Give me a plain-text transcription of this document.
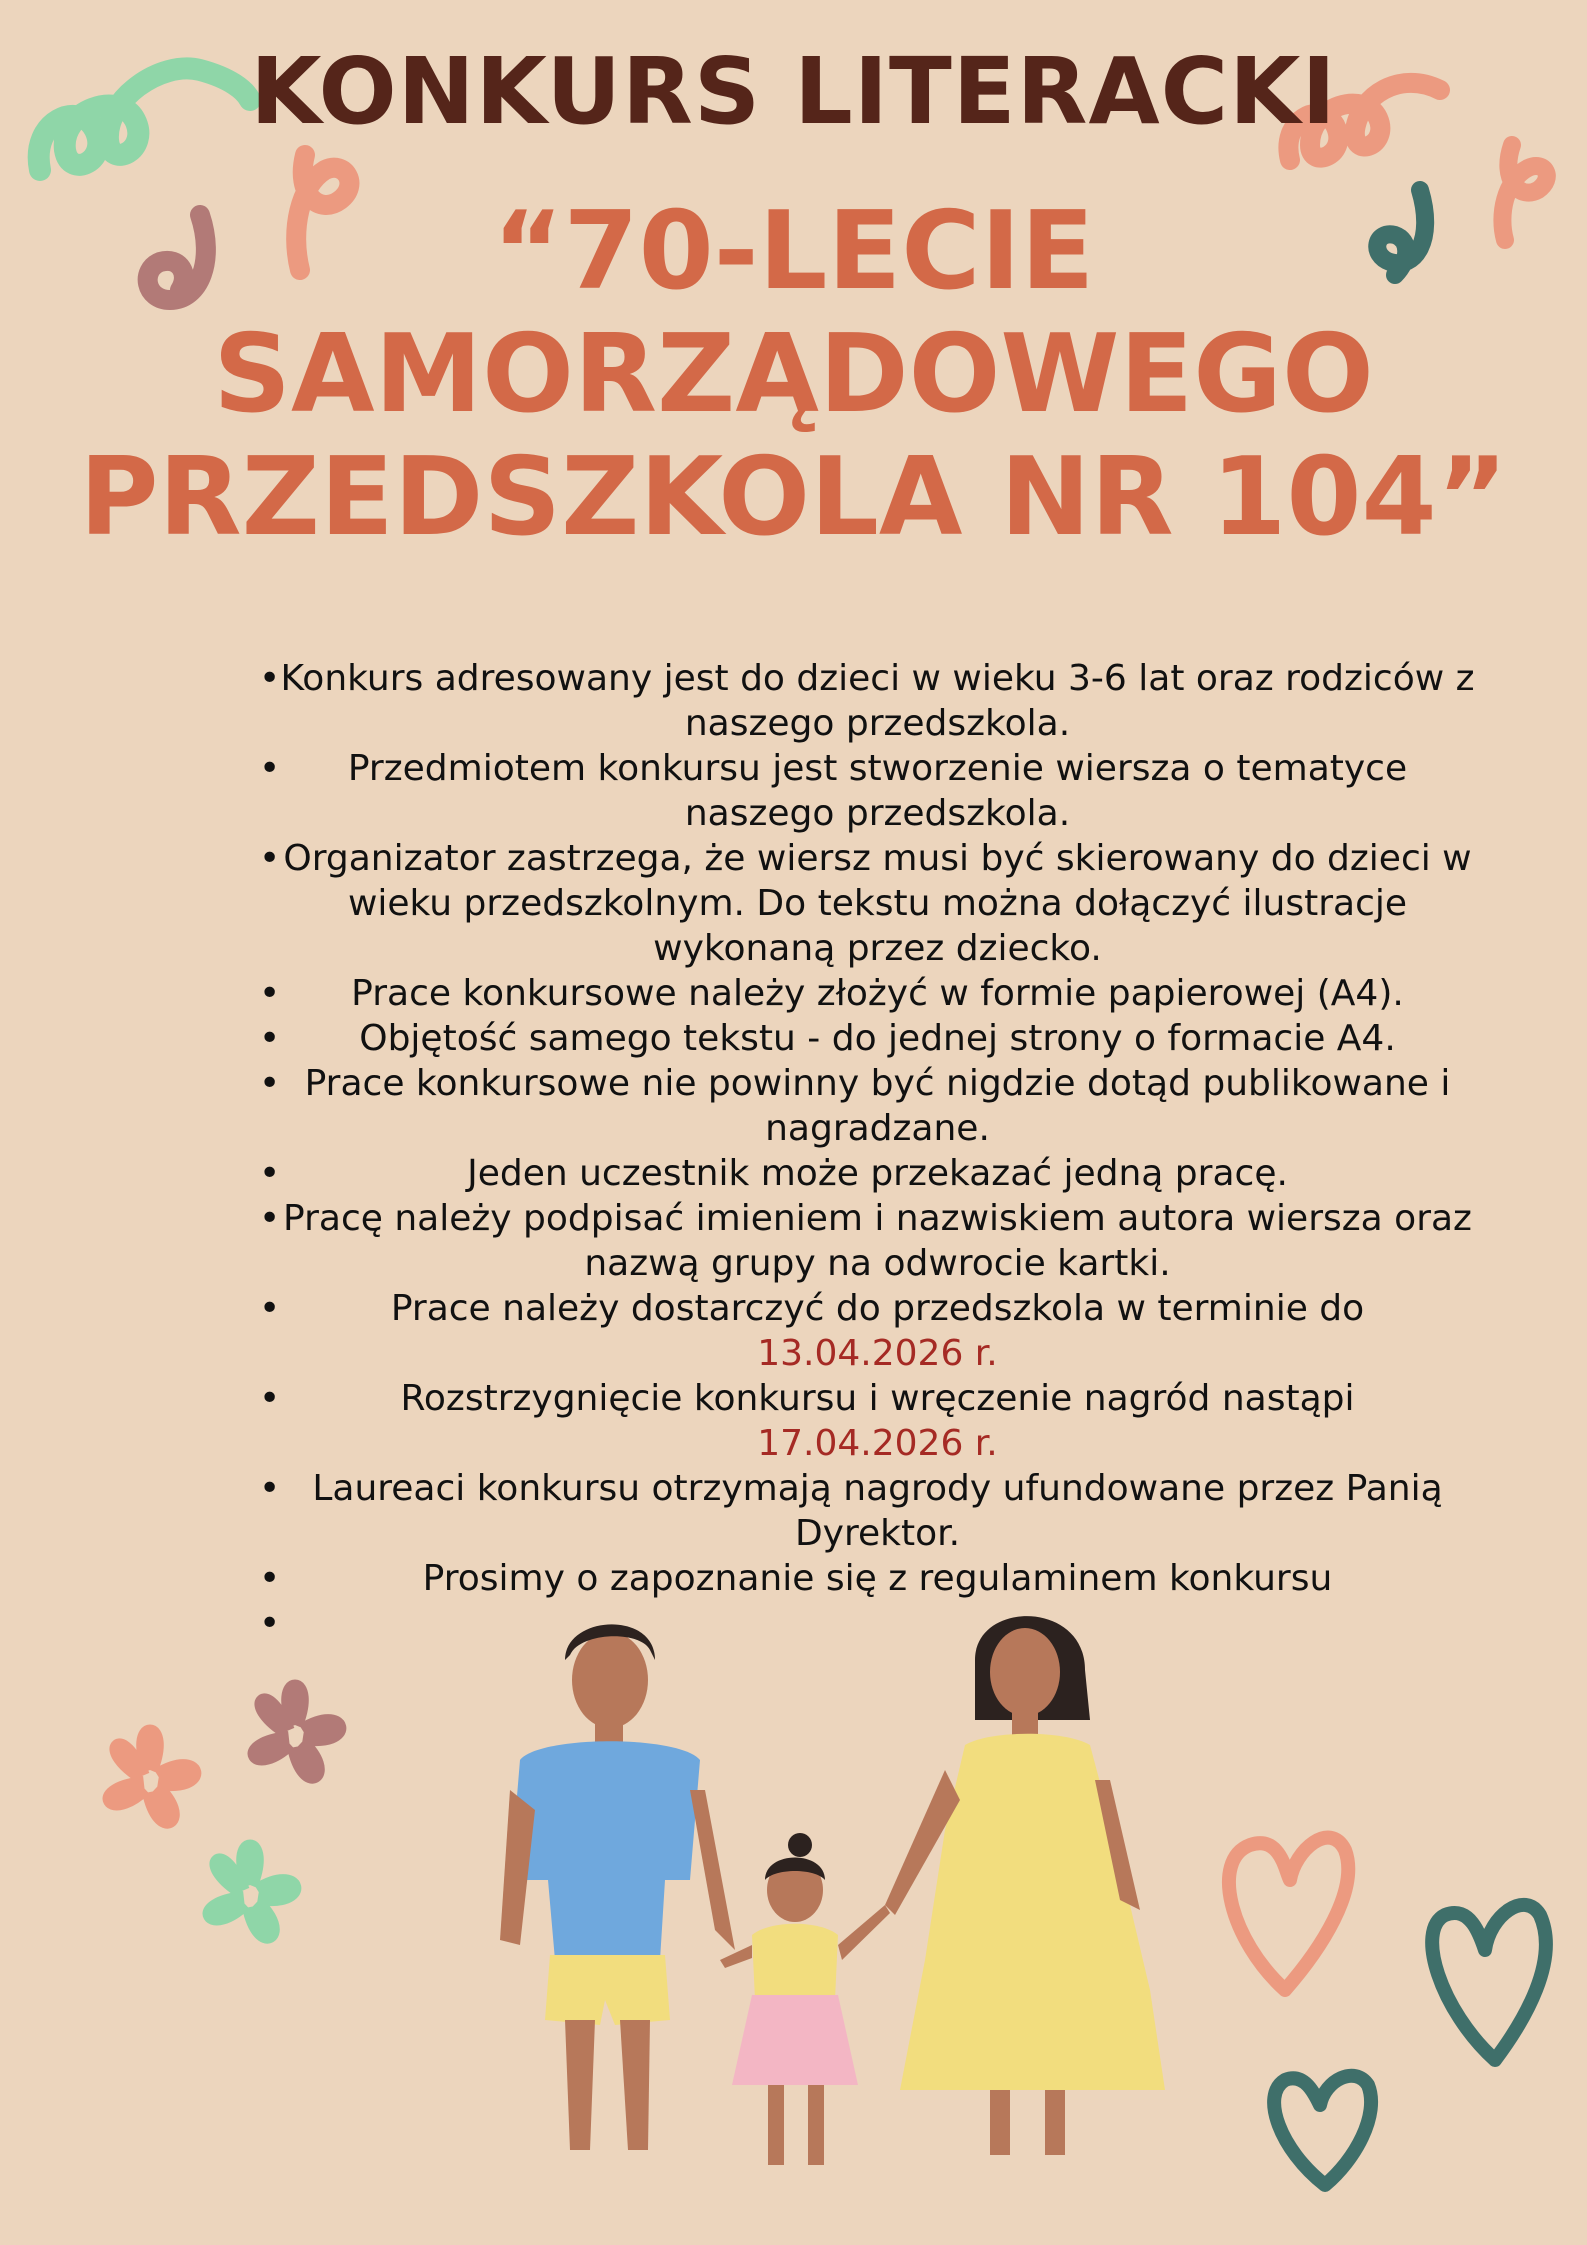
KONKURS LITERACKI
“70-LECIE
SAMORZĄDOWEGO
PRZEDSZKOLA NR 104”
• Konkurs adresowany jest do dzieci w wieku 3-6 lat oraz rodziców z naszego przedszkola.
• Przedmiotem konkursu jest stworzenie wiersza o tematyce naszego przedszkola.
• Organizator zastrzega, że wiersz musi być skierowany do dzieci w wieku przedszkolnym. Do tekstu można dołączyć ilustracje wykonaną przez dziecko.
• Prace konkursowe należy złożyć w formie papierowej (A4).
• Objętość samego tekstu - do jednej strony o formacie A4.
• Prace konkursowe nie powinny być nigdzie dotąd publikowane i nagradzane.
•	Jeden uczestnik może przekazać jedną pracę.
• Pracę należy podpisać imieniem i nazwiskiem autora wiersza oraz nazwą grupy na odwrocie kartki.
•	Prace należy dostarczyć do przedszkola w terminie do
13.04.2026 r.
•	Rozstrzygnięcie konkursu i wręczenie nagród nastąpi
17.04.2026 r.
• Laureaci konkursu otrzymają nagrody ufundowane przez Panią Dyrektor.
•	Prosimy o zapoznanie się z regulaminem konkursu
•
